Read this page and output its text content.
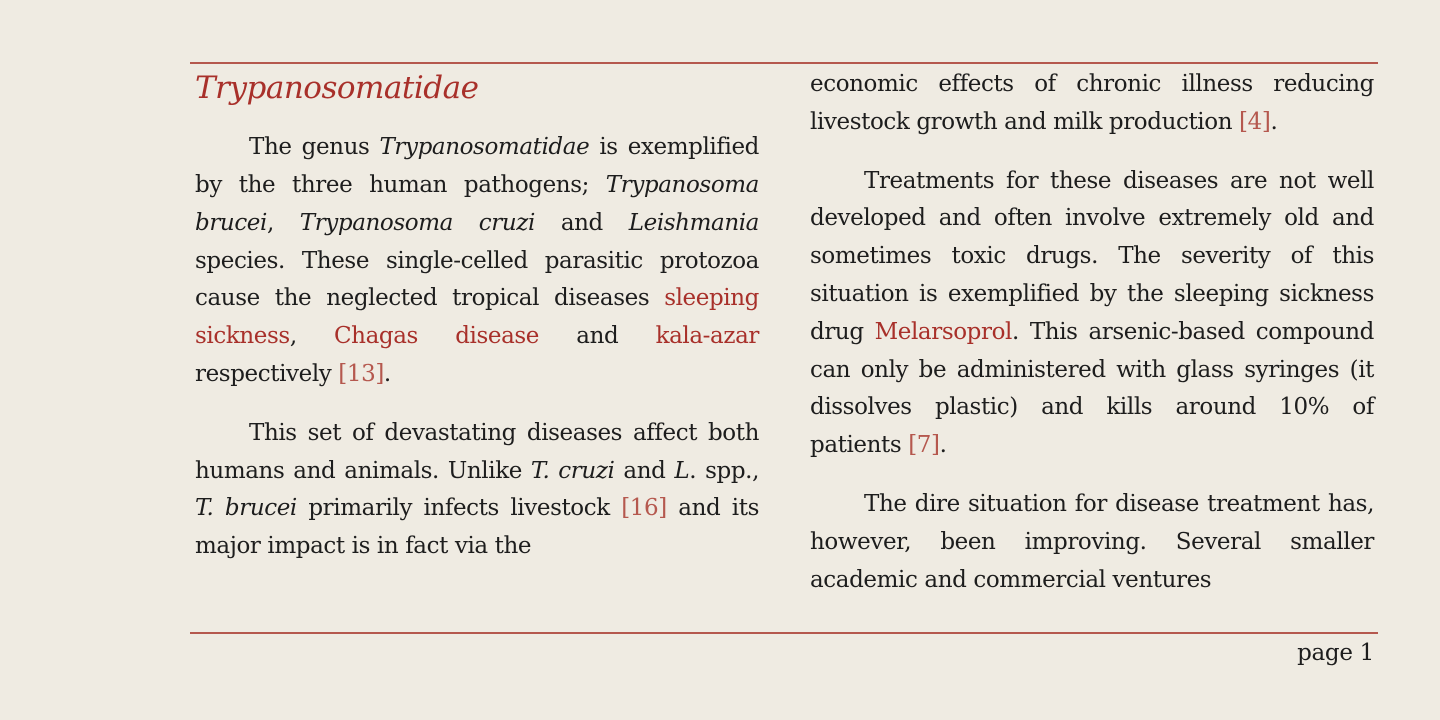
Trypanosomatidae

The genus Trypanosomatidae is exemplified by the three human pathogens; Trypanosoma brucei, Trypanosoma cruzi and Leishmania species. These single-celled parasitic protozoa cause the neglected tropical diseases sleeping sickness, Chagas disease and kala-azar respectively [13].

This set of devastating diseases affect both humans and animals. Unlike T. cruzi and L. spp., T. brucei primarily infects livestock [16] and its major impact is in fact via the

economic effects of chronic illness reducing livestock growth and milk production [4].

Treatments for these diseases are not well developed and often involve extremely old and sometimes toxic drugs. The severity of this situation is exemplified by the sleeping sickness drug Melarsoprol. This arsenic-based compound can only be administered with glass syringes (it dissolves plastic) and kills around 10% of patients [7].

The dire situation for disease treatment has, however, been improving. Several smaller academic and commercial ventures

page 1
